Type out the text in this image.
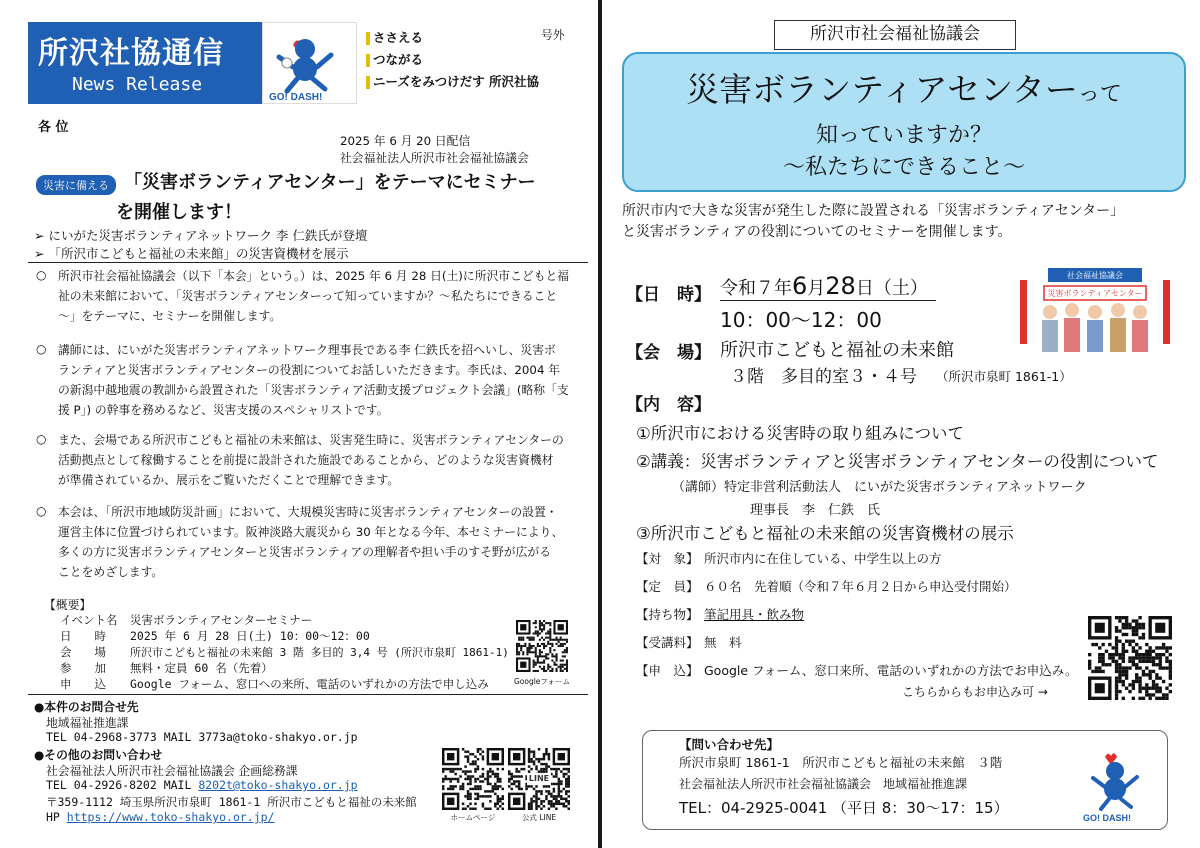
所沢社協通信
News Release
GO! DASH!
ささえる
つながる
ニーズをみつけだす 所沢社協
号外
各 位
2025 年 6 月 20 日配信
社会福祉法人所沢市社会福祉協議会
災害に備える 「災害ボランティアセンター」をテーマにセミナー
を開催します！
➢ にいがた災害ボランティアネットワーク 李 仁鉄氏が登壇
➢ 「所沢市こどもと福祉の未来館」の災害資機材を展示
○ 所沢市社会福祉協議会（以下「本会」という。）は、2025 年 6 月 28 日(土)に所沢市こどもと福
祉の未来館において、「災害ボランティアセンターって知っていますか？～私たちにできること
～」をテーマに、セミナーを開催します。
○ 講師には、にいがた災害ボランティアネットワーク理事長である李 仁鉄氏を招へいし、災害ボ
ランティアと災害ボランティアセンターの役割についてお話しいただきます。李氏は、2004 年
の新潟中越地震の教訓から設置された「災害ボランティア活動支援プロジェクト会議」(略称「支
援 P」) の幹事を務めるなど、災害支援のスペシャリストです。
○ また、会場である所沢市こどもと福祉の未来館は、災害発生時に、災害ボランティアセンターの
活動拠点として稼働することを前提に設計された施設であることから、どのような災害資機材
が準備されているか、展示をご覧いただくことで理解できます。
○ 本会は、「所沢市地域防災計画」において、大規模災害時に災害ボランティアセンターの設置・
運営主体に位置づけられています。阪神淡路大震災から 30 年となる今年、本セミナーにより、
多くの方に災害ボランティアセンターと災害ボランティアの理解者や担い手のすそ野が広がる
ことをめざします。
【概要】
イベント名 災害ボランティアセンターセミナー
日　　時 2025 年 6 月 28 日(土) 10：00～12：00
会　　場 所沢市こどもと福祉の未来館 3 階 多目的 3,4 号 (所沢市泉町 1861-1)
参　　加 無料・定員 60 名（先着）
申　　込 Google フォーム、窓口への来所、電話のいずれかの方法で申し込み	Googleフォーム
●本件のお問合せ先
地域福祉推進課
TEL 04-2968-3773 MAIL 3773a@toko-shakyo.or.jp
●その他のお問い合わせ
社会福祉法人所沢市社会福祉協議会 企画総務課
TEL 04-2926-8202 MAIL 8202t@toko-shakyo.or.jp
〒359-1112 埼玉県所沢市泉町 1861-1 所沢市こどもと福祉の未来館
HP https://www.toko-shakyo.or.jp/	ホームページ
LINE
公式 LINE
所沢市社会福祉協議会
災害ボランティアセンターって
知っていますか？
～私たちにできること～
所沢市内で大きな災害が発生した際に設置される「災害ボランティアセンター」
と災害ボランティアの役割についてのセミナーを開催します。
【日　時】 令和７年6月28日（土）
10：00～12：00
【会　場】 所沢市こどもと福祉の未来館
３階　多目的室３・４号 （所沢市泉町 1861-1）
社会福祉協議会
災害ボランティアセンター
【内　容】
①所沢市における災害時の取り組みについて
②講義：災害ボランティアと災害ボランティアセンターの役割について
（講師）特定非営利活動法人　にいがた災害ボランティアネットワーク
理事長　李　仁鉄　氏
③所沢市こどもと福祉の未来館の災害資機材の展示
【対　象】 所沢市内に在住している、中学生以上の方
【定　員】 ６０名　先着順（令和７年６月２日から申込受付開始）
【持ち物】 筆記用具・飲み物
【受講料】 無　料
【申　込】 Google フォーム、窓口来所、電話のいずれかの方法でお申込み。
こちらからもお申込み可 →
【問い合わせ先】
所沢市泉町 1861-1　所沢市こどもと福祉の未来館　３階
社会福祉法人所沢市社会福祉協議会　地域福祉推進課
TEL：04-2925-0041 （平日 8：30～17：15）
GO! DASH!
